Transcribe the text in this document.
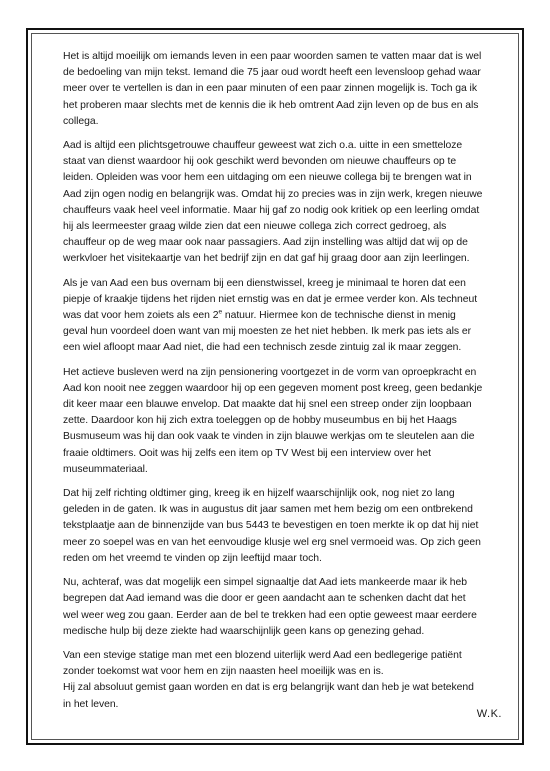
Het is altijd moeilijk om iemands leven in een paar woorden samen te vatten maar dat is wel de bedoeling van mijn tekst. Iemand die 75 jaar oud wordt heeft een levensloop gehad waar meer over te vertellen is dan in een paar minuten of een paar zinnen mogelijk is. Toch ga ik het proberen maar slechts met de kennis die ik heb omtrent Aad zijn leven op de bus en als collega.

Aad is altijd een plichtsgetrouwe chauffeur geweest wat zich o.a. uitte in een smetteloze staat van dienst waardoor hij ook geschikt werd bevonden om nieuwe chauffeurs op te leiden. Opleiden was voor hem een uitdaging om een nieuwe collega bij te brengen wat in Aad zijn ogen nodig en belangrijk was. Omdat hij zo precies was in zijn werk, kregen nieuwe chauffeurs vaak heel veel informatie. Maar hij gaf zo nodig ook kritiek op een leerling omdat hij als leermeester graag wilde zien dat een nieuwe collega zich correct gedroeg, als chauffeur op de weg maar ook naar passagiers. Aad zijn instelling was altijd dat wij op de werkvloer het visitekaartje van het bedrijf zijn en dat gaf hij graag door aan zijn leerlingen.

Als je van Aad een bus overnam bij een dienstwissel, kreeg je minimaal te horen dat een piepje of kraakje tijdens het rijden niet ernstig was en dat je ermee verder kon. Als techneut was dat voor hem zoiets als een 2e natuur. Hiermee kon de technische dienst in menig geval hun voordeel doen want van mij moesten ze het niet hebben. Ik merk pas iets als er een wiel afloopt maar Aad niet, die had een technisch zesde zintuig zal ik maar zeggen.

Het actieve busleven werd na zijn pensionering voortgezet in de vorm van oproepkracht en Aad kon nooit nee zeggen waardoor hij op een gegeven moment post kreeg, geen bedankje dit keer maar een blauwe envelop. Dat maakte dat hij snel een streep onder zijn loopbaan zette. Daardoor kon hij zich extra toeleggen op de hobby museumbus en bij het Haags Busmuseum was hij dan ook vaak te vinden in zijn blauwe werkjas om te sleutelen aan die fraaie oldtimers. Ooit was hij zelfs een item op TV West bij een interview over het museummateriaal.

Dat hij zelf richting oldtimer ging, kreeg ik en hijzelf waarschijnlijk ook, nog niet zo lang geleden in de gaten. Ik was in augustus dit jaar samen met hem bezig om een ontbrekend tekstplaatje aan de binnenzijde van bus 5443 te bevestigen en toen merkte ik op dat hij niet meer zo soepel was en van het eenvoudige klusje wel erg snel vermoeid was. Op zich geen reden om het vreemd te vinden op zijn leeftijd maar toch.

Nu, achteraf, was dat mogelijk een simpel signaaltje dat Aad iets mankeerde maar ik heb begrepen dat Aad iemand was die door er geen aandacht aan te schenken dacht dat het wel weer weg zou gaan. Eerder aan de bel te trekken had een optie geweest maar eerdere medische hulp bij deze ziekte had waarschijnlijk geen kans op genezing gehad.

Van een stevige statige man met een blozend uiterlijk werd Aad een bedlegerige patiënt zonder toekomst wat voor hem en zijn naasten heel moeilijk was en is.

Hij zal absoluut gemist gaan worden en dat is erg belangrijk want dan heb je wat betekend in het leven.

W.K.
